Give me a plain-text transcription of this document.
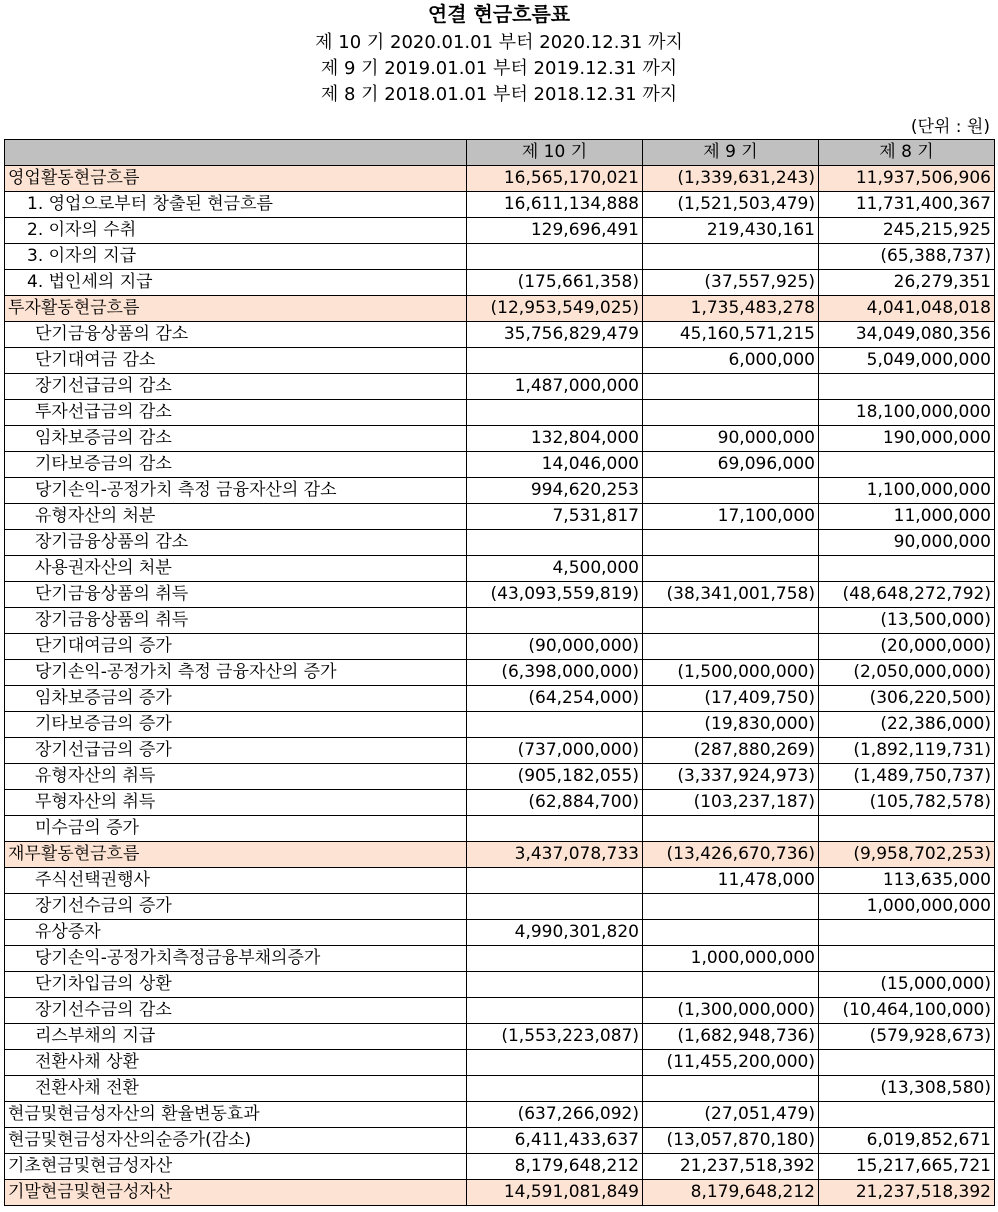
연결 현금흐름표
제 10 기 2020.01.01 부터 2020.12.31 까지
제 9 기 2019.01.01 부터 2019.12.31 까지
제 8 기 2018.01.01 부터 2018.12.31 까지
(단위 : 원)
	제 10 기	제 9 기	제 8 기
영업활동현금흐름	16,565,170,021	(1,339,631,243)	11,937,506,906
1. 영업으로부터 창출된 현금흐름	16,611,134,888	(1,521,503,479)	11,731,400,367
2. 이자의 수취	129,696,491	219,430,161	245,215,925
3. 이자의 지급			(65,388,737)
4. 법인세의 지급	(175,661,358)	(37,557,925)	26,279,351
투자활동현금흐름	(12,953,549,025)	1,735,483,278	4,041,048,018
단기금융상품의 감소	35,756,829,479	45,160,571,215	34,049,080,356
단기대여금 감소		6,000,000	5,049,000,000
장기선급금의 감소	1,487,000,000		
투자선급금의 감소			18,100,000,000
임차보증금의 감소	132,804,000	90,000,000	190,000,000
기타보증금의 감소	14,046,000	69,096,000	
당기손익-공정가치 측정 금융자산의 감소	994,620,253		1,100,000,000
유형자산의 처분	7,531,817	17,100,000	11,000,000
장기금융상품의 감소			90,000,000
사용권자산의 처분	4,500,000		
단기금융상품의 취득	(43,093,559,819)	(38,341,001,758)	(48,648,272,792)
장기금융상품의 취득			(13,500,000)
단기대여금의 증가	(90,000,000)		(20,000,000)
당기손익-공정가치 측정 금융자산의 증가	(6,398,000,000)	(1,500,000,000)	(2,050,000,000)
임차보증금의 증가	(64,254,000)	(17,409,750)	(306,220,500)
기타보증금의 증가		(19,830,000)	(22,386,000)
장기선급금의 증가	(737,000,000)	(287,880,269)	(1,892,119,731)
유형자산의 취득	(905,182,055)	(3,337,924,973)	(1,489,750,737)
무형자산의 취득	(62,884,700)	(103,237,187)	(105,782,578)
미수금의 증가			
재무활동현금흐름	3,437,078,733	(13,426,670,736)	(9,958,702,253)
주식선택권행사		11,478,000	113,635,000
장기선수금의 증가			1,000,000,000
유상증자	4,990,301,820		
당기손익-공정가치측정금융부채의증가		1,000,000,000	
단기차입금의 상환			(15,000,000)
장기선수금의 감소		(1,300,000,000)	(10,464,100,000)
리스부채의 지급	(1,553,223,087)	(1,682,948,736)	(579,928,673)
전환사채 상환		(11,455,200,000)	
전환사채 전환			(13,308,580)
현금및현금성자산의 환율변동효과	(637,266,092)	(27,051,479)	
현금및현금성자산의순증가(감소)	6,411,433,637	(13,057,870,180)	6,019,852,671
기초현금및현금성자산	8,179,648,212	21,237,518,392	15,217,665,721
기말현금및현금성자산	14,591,081,849	8,179,648,212	21,237,518,392
